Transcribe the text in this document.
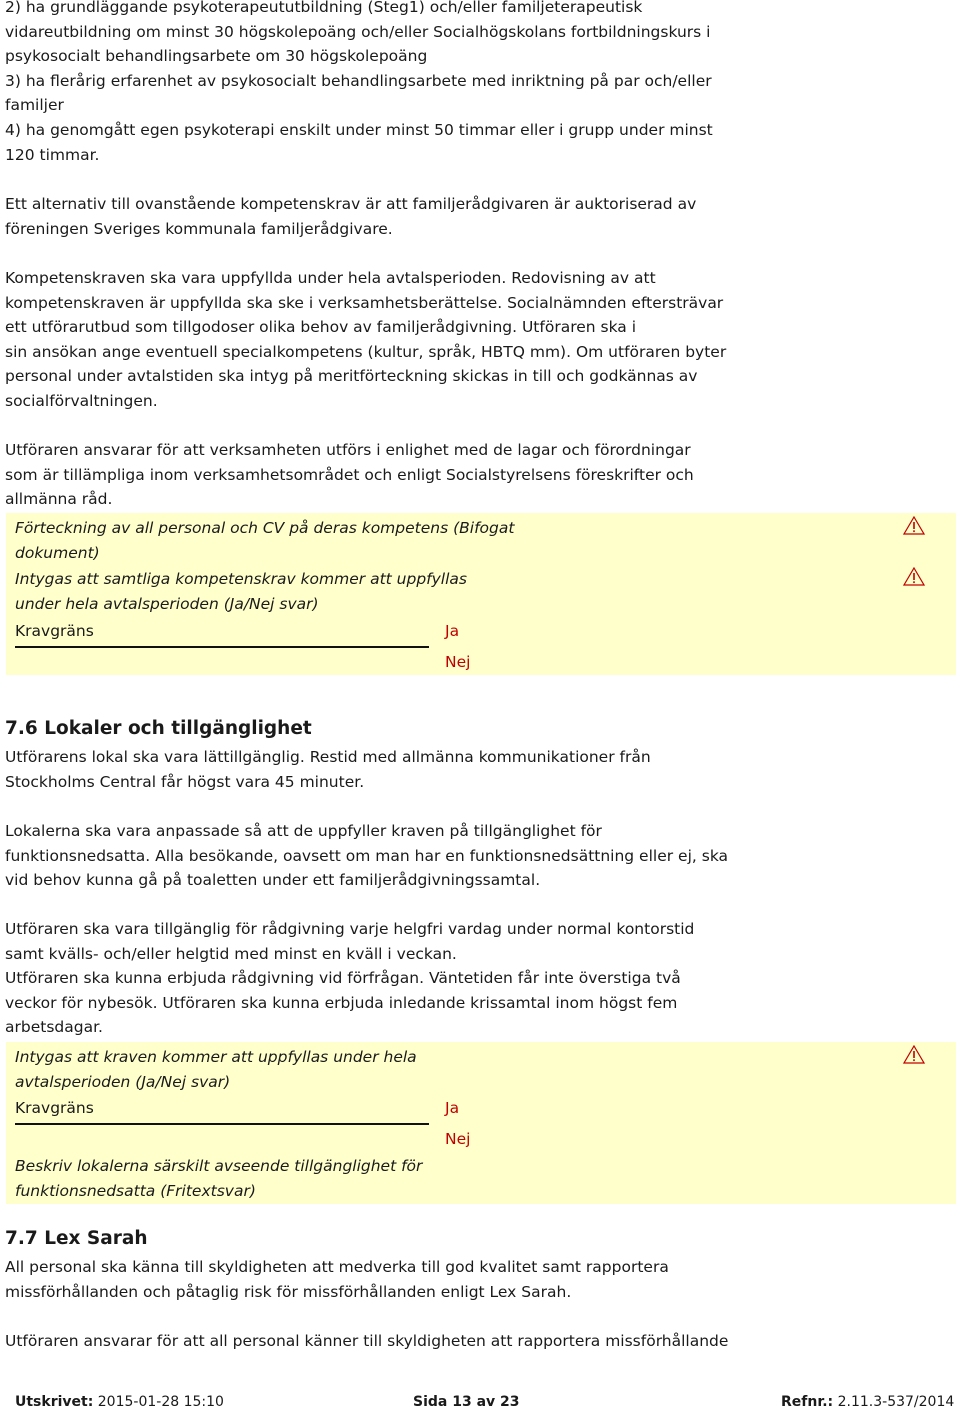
2) ha grundläggande psykoterapeututbildning (Steg1) och/eller familjeterapeutisk
vidareutbildning om minst 30 högskolepoäng och/eller Socialhögskolans fortbildningskurs i
psykosocialt behandlingsarbete om 30 högskolepoäng
3) ha flerårig erfarenhet av psykosocialt behandlingsarbete med inriktning på par och/eller
familjer
4) ha genomgått egen psykoterapi enskilt under minst 50 timmar eller i grupp under minst
120 timmar.
Ett alternativ till ovanstående kompetenskrav är att familjerådgivaren är auktoriserad av
föreningen Sveriges kommunala familjerådgivare.
Kompetenskraven ska vara uppfyllda under hela avtalsperioden. Redovisning av att
kompetenskraven är uppfyllda ska ske i verksamhetsberättelse. Socialnämnden eftersträvar
ett utförarutbud som tillgodoser olika behov av familjerådgivning. Utföraren ska i
sin ansökan ange eventuell specialkompetens (kultur, språk, HBTQ mm). Om utföraren byter
personal under avtalstiden ska intyg på meritförteckning skickas in till och godkännas av
socialförvaltningen.
Utföraren ansvarar för att verksamheten utförs i enlighet med de lagar och förordningar
som är tillämpliga inom verksamhetsområdet och enligt Socialstyrelsens föreskrifter och
allmänna råd.
Förteckning av all personal och CV på deras kompetens (Bifogat
dokument)
Intygas att samtliga kompetenskrav kommer att uppfyllas
under hela avtalsperioden (Ja/Nej svar)
Kravgräns	Ja
Nej
7.6 Lokaler och tillgänglighet
Utförarens lokal ska vara lättillgänglig. Restid med allmänna kommunikationer från
Stockholms Central får högst vara 45 minuter.
Lokalerna ska vara anpassade så att de uppfyller kraven på tillgänglighet för
funktionsnedsatta. Alla besökande, oavsett om man har en funktionsnedsättning eller ej, ska
vid behov kunna gå på toaletten under ett familjerådgivningssamtal.
Utföraren ska vara tillgänglig för rådgivning varje helgfri vardag under normal kontorstid
samt kvälls- och/eller helgtid med minst en kväll i veckan.
Utföraren ska kunna erbjuda rådgivning vid förfrågan. Väntetiden får inte överstiga två
veckor för nybesök. Utföraren ska kunna erbjuda inledande krissamtal inom högst fem
arbetsdagar.
Intygas att kraven kommer att uppfyllas under hela
avtalsperioden (Ja/Nej svar)
Kravgräns	Ja
Nej
Beskriv lokalerna särskilt avseende tillgänglighet för
funktionsnedsatta (Fritextsvar)
7.7 Lex Sarah
All personal ska känna till skyldigheten att medverka till god kvalitet samt rapportera
missförhållanden och påtaglig risk för missförhållanden enligt Lex Sarah.
Utföraren ansvarar för att all personal känner till skyldigheten att rapportera missförhållande
Utskrivet: 2015-01-28 15:10	Sida 13 av 23	Refnr.: 2.11.3-537/2014
